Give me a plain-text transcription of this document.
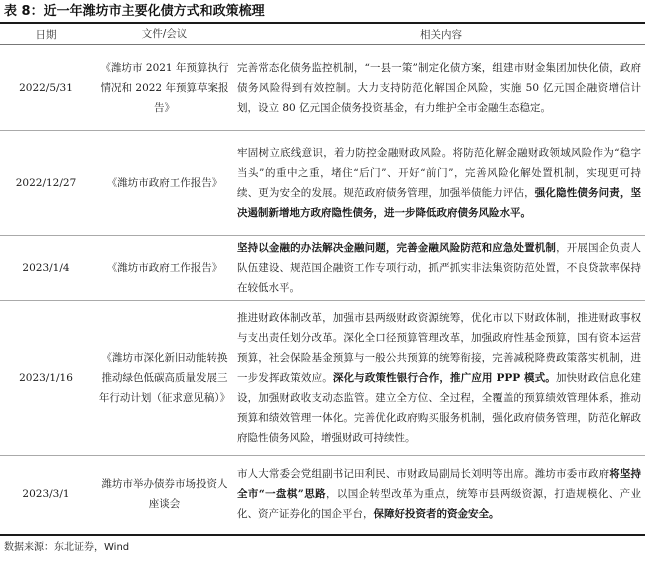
表 8：近一年潍坊市主要化债方式和政策梳理
日期	文件/会议	相关内容
2022/5/31	《潍坊市 2021 年预算执行情况和 2022 年预算草案报告》	完善常态化债务监控机制，“一县一策”制定化债方案，组建市财金集团加快化债，政府债务风险得到有效控制。大力支持防范化解国企风险，实施 50 亿元国企融资增信计划，设立 80 亿元国企债务投资基金，有力维护全市金融生态稳定。
2022/12/27	《潍坊市政府工作报告》	牢固树立底线意识，着力防控金融财政风险。将防范化解金融财政领域风险作为“稳字当头”的重中之重，堵住“后门”、开好“前门”，完善风险化解处置机制，实现更可持续、更为安全的发展。规范政府债务管理，加强举债能力评估，强化隐性债务问责，坚决遏制新增地方政府隐性债务，进一步降低政府债务风险水平。
2023/1/4	《潍坊市政府工作报告》	坚持以金融的办法解决金融问题，完善金融风险防范和应急处置机制，开展国企负责人队伍建设、规范国企融资工作专项行动，抓严抓实非法集资防范处置，不良贷款率保持在较低水平。
2023/1/16	《潍坊市深化新旧动能转换推动绿色低碳高质量发展三年行动计划（征求意见稿）》	推进财政体制改革，加强市县两级财政资源统筹，优化市以下财政体制，推进财政事权与支出责任划分改革。深化全口径预算管理改革，加强政府性基金预算，国有资本运营预算，社会保险基金预算与一般公共预算的统筹衔接，完善减税降费政策落实机制，进一步发挥政策效应。深化与政策性银行合作，推广应用 PPP 模式。加快财政信息化建设，加强财政收支动态监管。建立全方位、全过程，全覆盖的预算绩效管理体系，推动预算和绩效管理一体化。完善优化政府购买服务机制，强化政府债务管理，防范化解政府隐性债务风险，增强财政可持续性。
2023/3/1	潍坊市举办债券市场投资人座谈会	市人大常委会党组副书记田利民、市财政局副局长刘明等出席。潍坊市委市政府将坚持全市“一盘棋”思路，以国企转型改革为重点，统筹市县两级资源，打造规模化、产业化、资产证券化的国企平台，保障好投资者的资金安全。
数据来源：东北证券，Wind
